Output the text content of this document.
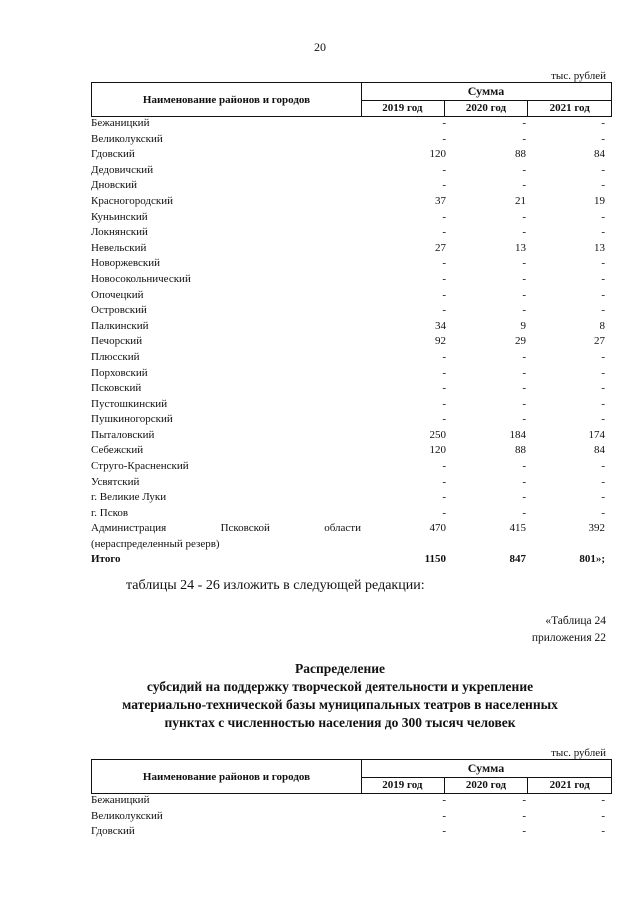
20
тыс. рублей
Наименование районов и городов
Сумма
2019 год	2020 год	2021 год
Бежаницкий	-	-	-
Великолукский	-	-	-
Гдовский	120	88	84
Дедовичский	-	-	-
Дновский	-	-	-
Красногородский	37	21	19
Куньинский	-	-	-
Локнянский	-	-	-
Невельский	27	13	13
Новоржевский	-	-	-
Новосокольнический	-	-	-
Опочецкий	-	-	-
Островский	-	-	-
Палкинский	34	9	8
Печорский	92	29	27
Плюсский	-	-	-
Порховский	-	-	-
Псковский	-	-	-
Пустошкинский	-	-	-
Пушкиногорский	-	-	-
Пыталовский	250	184	174
Себежский	120	88	84
Струго-Красненский	-	-	-
Усвятский	-	-	-
г. Великие Луки	-	-	-
г. Псков	-	-	-
Администрация	Псковской	области	470	415	392
(нераспределенный резерв)
Итого	1150	847	801»;
таблицы 24 - 26 изложить в следующей редакции:
«Таблица 24
приложения 22
Распределение
субсидий на поддержку творческой деятельности и укрепление
материально-технической базы муниципальных театров в населенных
пунктах с численностью населения до 300 тысяч человек
тыс. рублей
Наименование районов и городов
Сумма
2019 год	2020 год	2021 год
Бежаницкий	-	-	-
Великолукский	-	-	-
Гдовский	-	-	-
